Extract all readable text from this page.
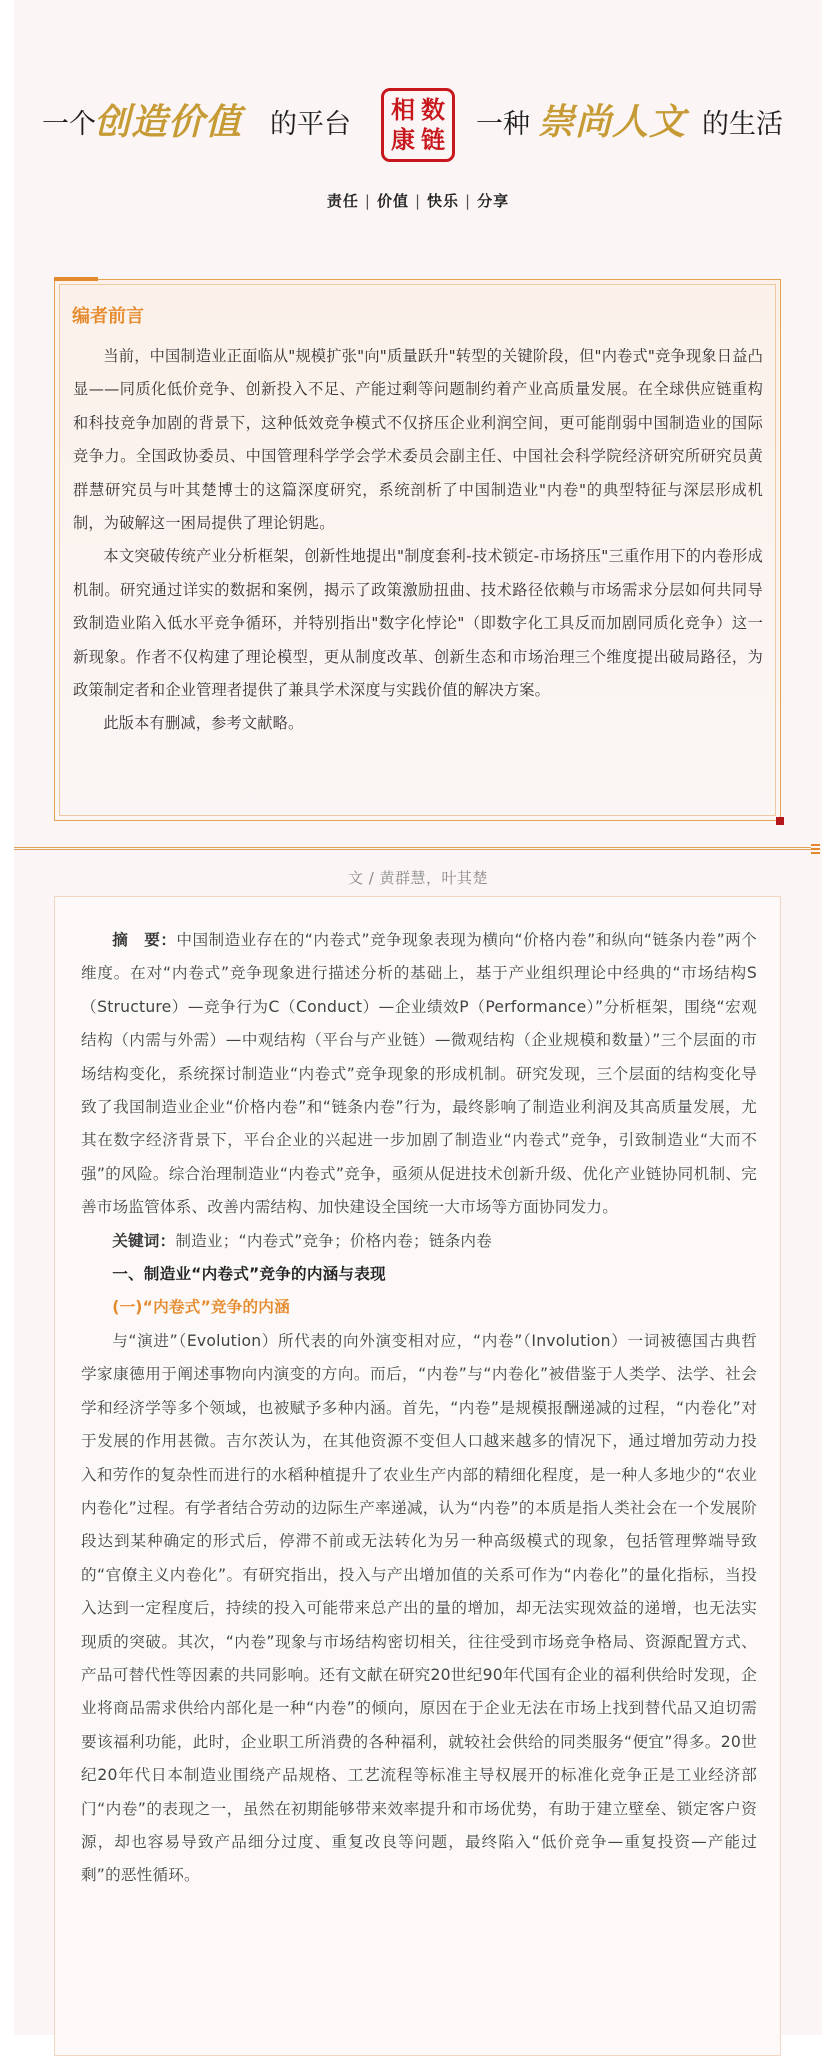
一个
创造价值 的平台 相 数
康 链 一种 崇尚人文 的生活
责任 | 价值 | 快乐 | 分享
编者前言

当前，中国制造业正面临从"规模扩张"向"质量跃升"转型的关键阶段，但"内卷式"竞争现象日益凸显——同质化低价竞争、创新投入不足、产能过剩等问题制约着产业高质量发展。在全球供应链重构和科技竞争加剧的背景下，这种低效竞争模式不仅挤压企业利润空间，更可能削弱中国制造业的国际竞争力。全国政协委员、中国管理科学学会学术委员会副主任、中国社会科学院经济研究所研究员黄群慧研究员与叶其楚博士的这篇深度研究，系统剖析了中国制造业"内卷"的典型特征与深层形成机制，为破解这一困局提供了理论钥匙。

本文突破传统产业分析框架，创新性地提出"制度套利-技术锁定-市场挤压"三重作用下的内卷形成机制。研究通过详实的数据和案例，揭示了政策激励扭曲、技术路径依赖与市场需求分层如何共同导致制造业陷入低水平竞争循环，并特别指出"数字化悖论"（即数字化工具反而加剧同质化竞争）这一新现象。作者不仅构建了理论模型，更从制度改革、创新生态和市场治理三个维度提出破局路径，为政策制定者和企业管理者提供了兼具学术深度与实践价值的解决方案。

此版本有删减，参考文献略。

文 / 黄群慧，叶其楚

摘　要：中国制造业存在的“内卷式”竞争现象表现为横向“价格内卷”和纵向“链条内卷”两个维度。在对“内卷式”竞争现象进行描述分析的基础上，基于产业组织理论中经典的“市场结构S（Structure）—竞争行为C（Conduct）—企业绩效P（Performance）”分析框架，围绕“宏观结构（内需与外需）—中观结构（平台与产业链）—微观结构（企业规模和数量）”三个层面的市场结构变化，系统探讨制造业“内卷式”竞争现象的形成机制。研究发现，三个层面的结构变化导致了我国制造业企业“价格内卷”和“链条内卷”行为，最终影响了制造业利润及其高质量发展，尤其在数字经济背景下，平台企业的兴起进一步加剧了制造业“内卷式”竞争，引致制造业“大而不强”的风险。综合治理制造业“内卷式”竞争，亟须从促进技术创新升级、优化产业链协同机制、完善市场监管体系、改善内需结构、加快建设全国统一大市场等方面协同发力。

关键词：制造业；“内卷式”竞争；价格内卷；链条内卷

一、制造业“内卷式”竞争的内涵与表现

(一)“内卷式”竞争的内涵

与“演进”（Evolution）所代表的向外演变相对应，“内卷”（Involution）一词被德国古典哲学家康德用于阐述事物向内演变的方向。而后，“内卷”与“内卷化”被借鉴于人类学、法学、社会学和经济学等多个领域，也被赋予多种内涵。首先，“内卷”是规模报酬递减的过程，“内卷化”对于发展的作用甚微。吉尔茨认为，在其他资源不变但人口越来越多的情况下，通过增加劳动力投入和劳作的复杂性而进行的水稻种植提升了农业生产内部的精细化程度，是一种人多地少的“农业内卷化”过程。有学者结合劳动的边际生产率递减，认为“内卷”的本质是指人类社会在一个发展阶段达到某种确定的形式后，停滞不前或无法转化为另一种高级模式的现象，包括管理弊端导致的“官僚主义内卷化”。有研究指出，投入与产出增加值的关系可作为“内卷化”的量化指标，当投入达到一定程度后，持续的投入可能带来总产出的量的增加，却无法实现效益的递增，也无法实现质的突破。其次，“内卷”现象与市场结构密切相关，往往受到市场竞争格局、资源配置方式、产品可替代性等因素的共同影响。还有文献在研究20世纪90年代国有企业的福利供给时发现，企业将商品需求供给内部化是一种“内卷”的倾向，原因在于企业无法在市场上找到替代品又迫切需要该福利功能，此时，企业职工所消费的各种福利，就较社会供给的同类服务“便宜”得多。20世纪20年代日本制造业围绕产品规格、工艺流程等标准主导权展开的标准化竞争正是工业经济部门“内卷”的表现之一，虽然在初期能够带来效率提升和市场优势，有助于建立壁垒、锁定客户资源，却也容易导致产品细分过度、重复改良等问题，最终陷入“低价竞争—重复投资—产能过剩”的恶性循环。
